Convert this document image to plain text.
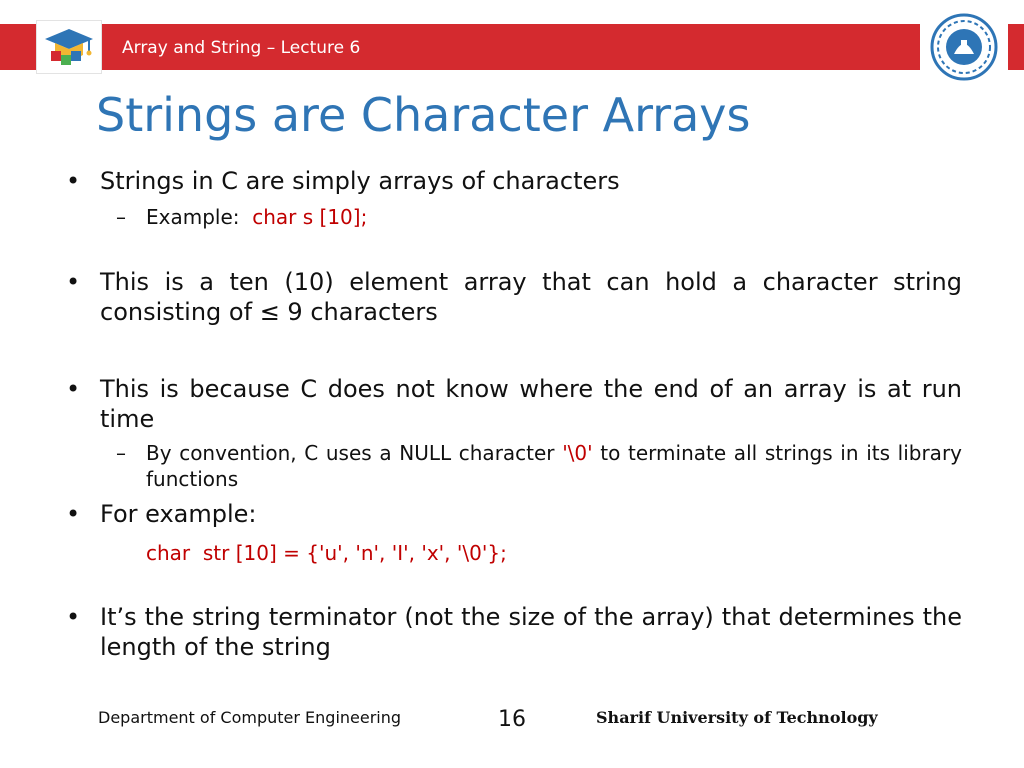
Array and String – Lecture 6
Strings are Character Arrays
• Strings in C are simply arrays of characters
– Example: char s [10];
• This is a ten (10) element array that can hold a character string consisting of ≤ 9 characters
• This is because C does not know where the end of an array is at run time
– By convention, C uses a NULL character '\0' to terminate all strings in its library functions
• For example:
char  str [10] = {'u', 'n', 'I', 'x', '\0'};
• It’s the string terminator (not the size of the array) that determines the length of the string
Department of Computer Engineering	16	Sharif University of Technology
